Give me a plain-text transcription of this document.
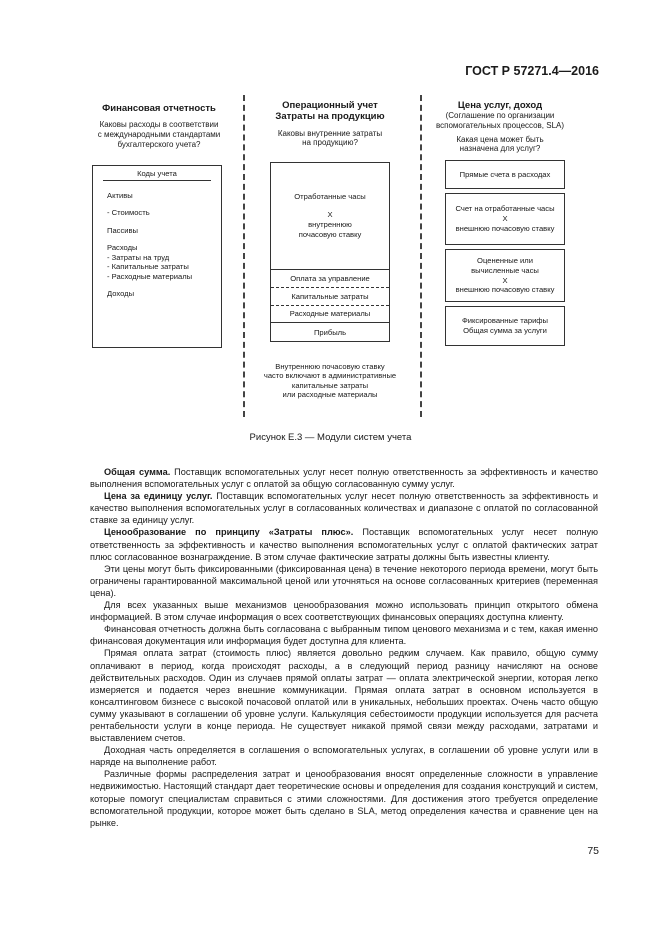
ГОСТ Р 57271.4—2016
Финансовая отчетность
Каковы расходы в соответствии
с международными стандартами
бухгалтерского учета?
Коды учета
Активы
- Стоимость
Пассивы
Расходы
- Затраты на труд
- Капитальные затраты
- Расходные материалы
Доходы
Операционный учет
Затраты на продукцию
Каковы внутренние затраты
на продукцию?
Отработанные часы
X
внутреннюю
почасовую ставку
Оплата за управление
Капитальные затраты
Расходные материалы
Прибыль
Внутреннюю почасовую ставку
часто включают в административные
капитальные затраты
или расходные материалы
Цена услуг, доход
(Соглашение по организации
вспомогательных процессов, SLA)
Какая цена может быть
назначена для услуг?
Прямые счета в расходах
Счет на отработанные часы
X
внешнюю почасовую ставку
Оцененные или
вычисленные часы
X
внешнюю почасовую ставку
Фиксированные тарифы
Общая сумма за услуги
Рисунок Е.3 — Модули систем учета

Общая сумма. Поставщик вспомогательных услуг несет полную ответственность за эффективность и качество выполнения вспомогательных услуг с оплатой за общую согласованную сумму услуг.

Цена за единицу услуг. Поставщик вспомогательных услуг несет полную ответственность за эффективность и качество выполнения вспомогательных услуг в согласованных количествах и диапазоне с оплатой по согласованной ставке за единицу услуг.

Ценообразование по принципу «Затраты плюс». Поставщик вспомогательных услуг несет полную ответственность за эффективность и качество выполнения вспомогательных услуг с оплатой фактических затрат плюс согласованное вознаграждение. В этом случае фактические затраты должны быть известны клиенту.

Эти цены могут быть фиксированными (фиксированная цена) в течение некоторого периода времени, могут быть ограничены гарантированной максимальной ценой или уточняться на основе согласованных критериев (переменная цена).

Для всех указанных выше механизмов ценообразования можно использовать принцип открытого обмена информацией. В этом случае информация о всех соответствующих финансовых операциях доступна клиенту.

Финансовая отчетность должна быть согласована с выбранным типом ценового механизма и с тем, какая именно финансовая документация или информация будет доступна для клиента.

Прямая оплата затрат (стоимость плюс) является довольно редким случаем. Как правило, общую сумму оплачивают в период, когда происходят расходы, а в следующий период разницу начисляют на основе действительных расходов. Один из случаев прямой оплаты затрат — оплата электрической энергии, которая легко измеряется и подается через внешние коммуникации. Прямая оплата затрат в основном используется в консалтинговом бизнесе с высокой почасовой оплатой или в уникальных, небольших проектах. Очень часто общую сумму указывают в соглашении об уровне услуги. Калькуляция себестоимости продукции используется для расчета рентабельности услуги в конце периода. Не существует никакой прямой связи между расходами, затратами и выставлением счетов.

Доходная часть определяется в соглашения о вспомогательных услугах, в соглашении об уровне услуги или в наряде на выполнение работ.

Различные формы распределения затрат и ценообразования вносят определенные сложности в управление недвижимостью. Настоящий стандарт дает теоретические основы и определения для создания конструкций и систем, которые помогут специалистам справиться с этими сложностями. Для достижения этого требуется определение вспомогательной продукции, которое может быть сделано в SLA, метод определения качества и сравнение цен на рынке.

75
